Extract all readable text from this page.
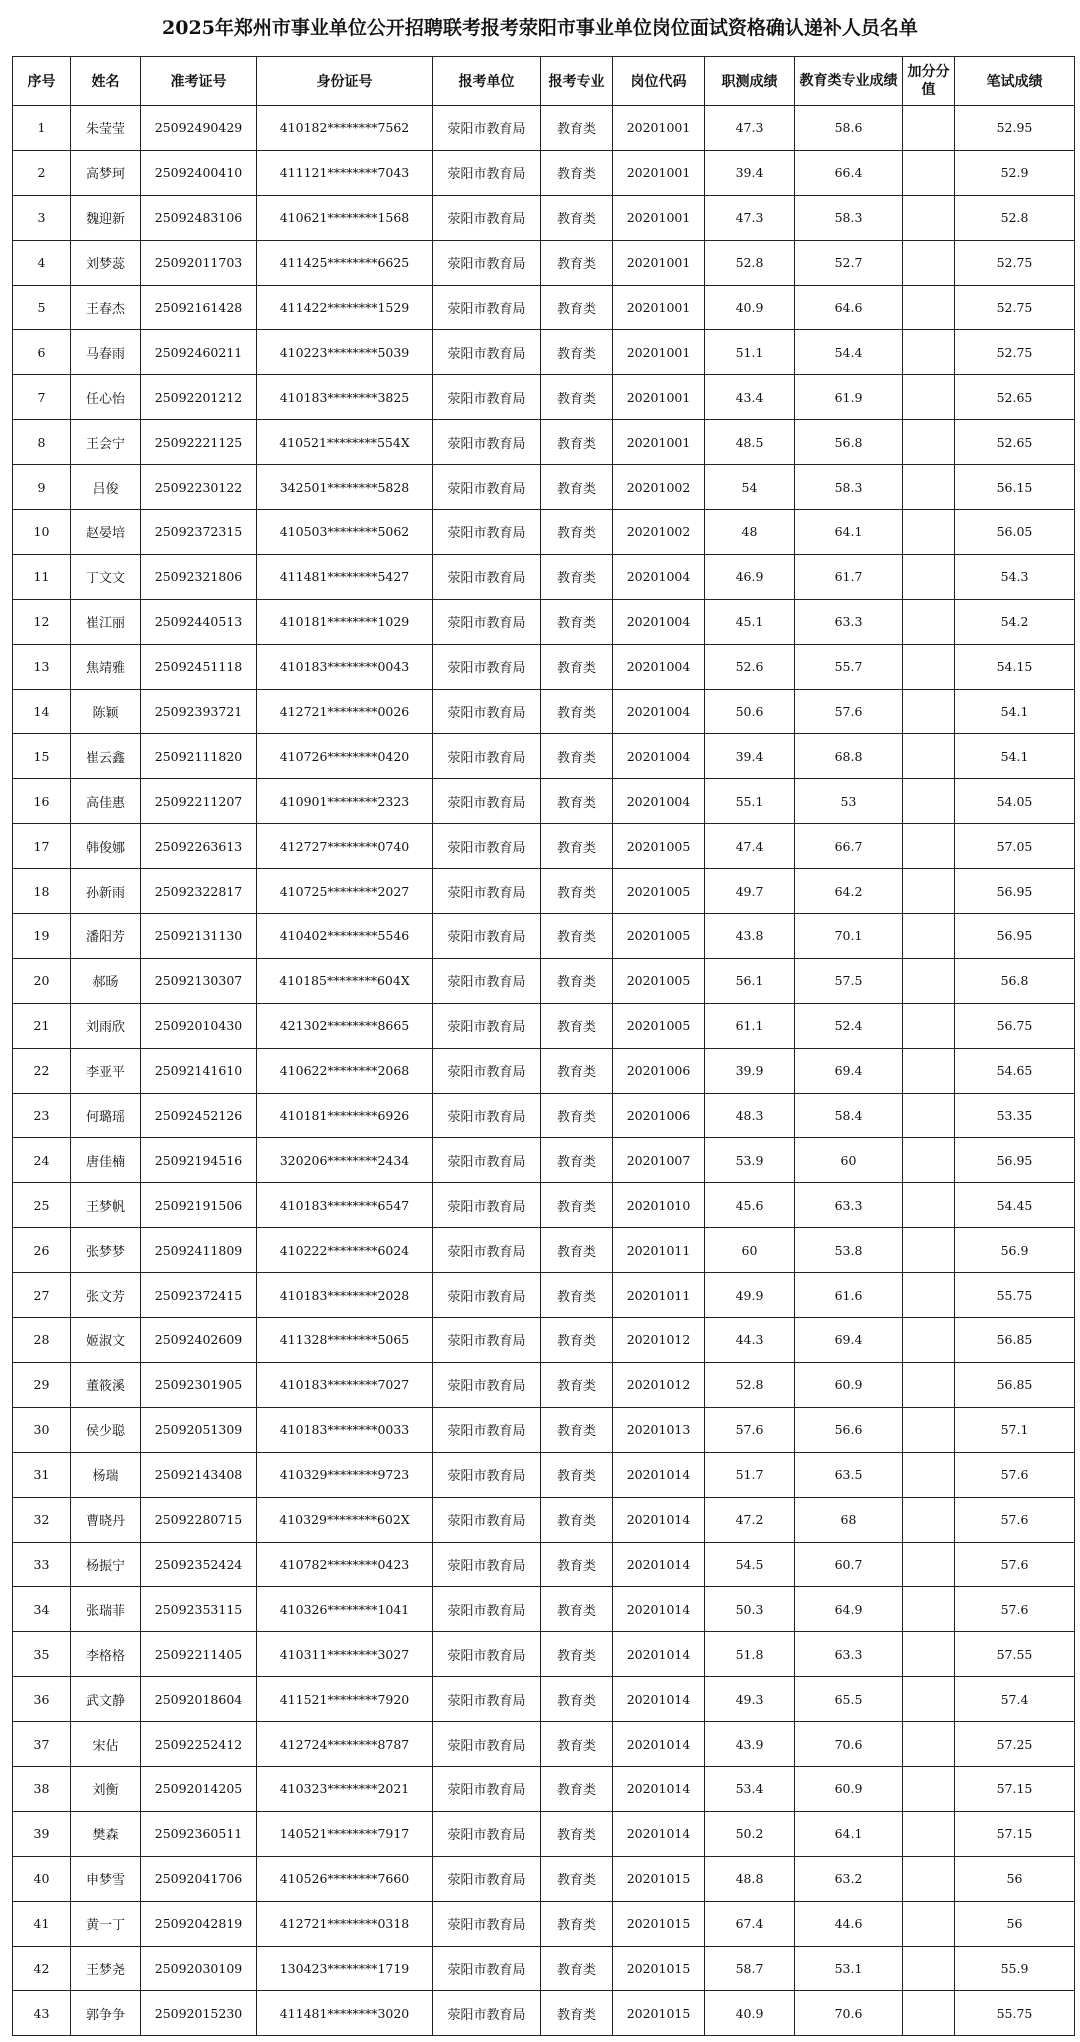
2025年郑州市事业单位公开招聘联考报考荥阳市事业单位岗位面试资格确认递补人员名单
序号	姓名	准考证号	身份证号	报考单位	报考专业	岗位代码	职测成绩	教育类专业成绩	加分分值	笔试成绩
1	朱莹莹	25092490429	410182********7562	荥阳市教育局	教育类	20201001	47.3	58.6		52.95
2	高梦珂	25092400410	411121********7043	荥阳市教育局	教育类	20201001	39.4	66.4		52.9
3	魏迎新	25092483106	410621********1568	荥阳市教育局	教育类	20201001	47.3	58.3		52.8
4	刘梦蕊	25092011703	411425********6625	荥阳市教育局	教育类	20201001	52.8	52.7		52.75
5	王春杰	25092161428	411422********1529	荥阳市教育局	教育类	20201001	40.9	64.6		52.75
6	马春雨	25092460211	410223********5039	荥阳市教育局	教育类	20201001	51.1	54.4		52.75
7	任心怡	25092201212	410183********3825	荥阳市教育局	教育类	20201001	43.4	61.9		52.65
8	王会宁	25092221125	410521********554X	荥阳市教育局	教育类	20201001	48.5	56.8		52.65
9	吕俊	25092230122	342501********5828	荥阳市教育局	教育类	20201002	54	58.3		56.15
10	赵晏培	25092372315	410503********5062	荥阳市教育局	教育类	20201002	48	64.1		56.05
11	丁文文	25092321806	411481********5427	荥阳市教育局	教育类	20201004	46.9	61.7		54.3
12	崔江丽	25092440513	410181********1029	荥阳市教育局	教育类	20201004	45.1	63.3		54.2
13	焦靖雅	25092451118	410183********0043	荥阳市教育局	教育类	20201004	52.6	55.7		54.15
14	陈颖	25092393721	412721********0026	荥阳市教育局	教育类	20201004	50.6	57.6		54.1
15	崔云鑫	25092111820	410726********0420	荥阳市教育局	教育类	20201004	39.4	68.8		54.1
16	高佳惠	25092211207	410901********2323	荥阳市教育局	教育类	20201004	55.1	53		54.05
17	韩俊娜	25092263613	412727********0740	荥阳市教育局	教育类	20201005	47.4	66.7		57.05
18	孙新雨	25092322817	410725********2027	荥阳市教育局	教育类	20201005	49.7	64.2		56.95
19	潘阳芳	25092131130	410402********5546	荥阳市教育局	教育类	20201005	43.8	70.1		56.95
20	郝旸	25092130307	410185********604X	荥阳市教育局	教育类	20201005	56.1	57.5		56.8
21	刘雨欣	25092010430	421302********8665	荥阳市教育局	教育类	20201005	61.1	52.4		56.75
22	李亚平	25092141610	410622********2068	荥阳市教育局	教育类	20201006	39.9	69.4		54.65
23	何璐瑶	25092452126	410181********6926	荥阳市教育局	教育类	20201006	48.3	58.4		53.35
24	唐佳楠	25092194516	320206********2434	荥阳市教育局	教育类	20201007	53.9	60		56.95
25	王梦帆	25092191506	410183********6547	荥阳市教育局	教育类	20201010	45.6	63.3		54.45
26	张梦梦	25092411809	410222********6024	荥阳市教育局	教育类	20201011	60	53.8		56.9
27	张文芳	25092372415	410183********2028	荥阳市教育局	教育类	20201011	49.9	61.6		55.75
28	姬淑文	25092402609	411328********5065	荥阳市教育局	教育类	20201012	44.3	69.4		56.85
29	董筱溪	25092301905	410183********7027	荥阳市教育局	教育类	20201012	52.8	60.9		56.85
30	侯少聪	25092051309	410183********0033	荥阳市教育局	教育类	20201013	57.6	56.6		57.1
31	杨瑞	25092143408	410329********9723	荥阳市教育局	教育类	20201014	51.7	63.5		57.6
32	曹晓丹	25092280715	410329********602X	荥阳市教育局	教育类	20201014	47.2	68		57.6
33	杨振宁	25092352424	410782********0423	荥阳市教育局	教育类	20201014	54.5	60.7		57.6
34	张瑞菲	25092353115	410326********1041	荥阳市教育局	教育类	20201014	50.3	64.9		57.6
35	李格格	25092211405	410311********3027	荥阳市教育局	教育类	20201014	51.8	63.3		57.55
36	武文静	25092018604	411521********7920	荥阳市教育局	教育类	20201014	49.3	65.5		57.4
37	宋佔	25092252412	412724********8787	荥阳市教育局	教育类	20201014	43.9	70.6		57.25
38	刘衡	25092014205	410323********2021	荥阳市教育局	教育类	20201014	53.4	60.9		57.15
39	樊森	25092360511	140521********7917	荥阳市教育局	教育类	20201014	50.2	64.1		57.15
40	申梦雪	25092041706	410526********7660	荥阳市教育局	教育类	20201015	48.8	63.2		56
41	黄一丁	25092042819	412721********0318	荥阳市教育局	教育类	20201015	67.4	44.6		56
42	王梦尧	25092030109	130423********1719	荥阳市教育局	教育类	20201015	58.7	53.1		55.9
43	郭争争	25092015230	411481********3020	荥阳市教育局	教育类	20201015	40.9	70.6		55.75
